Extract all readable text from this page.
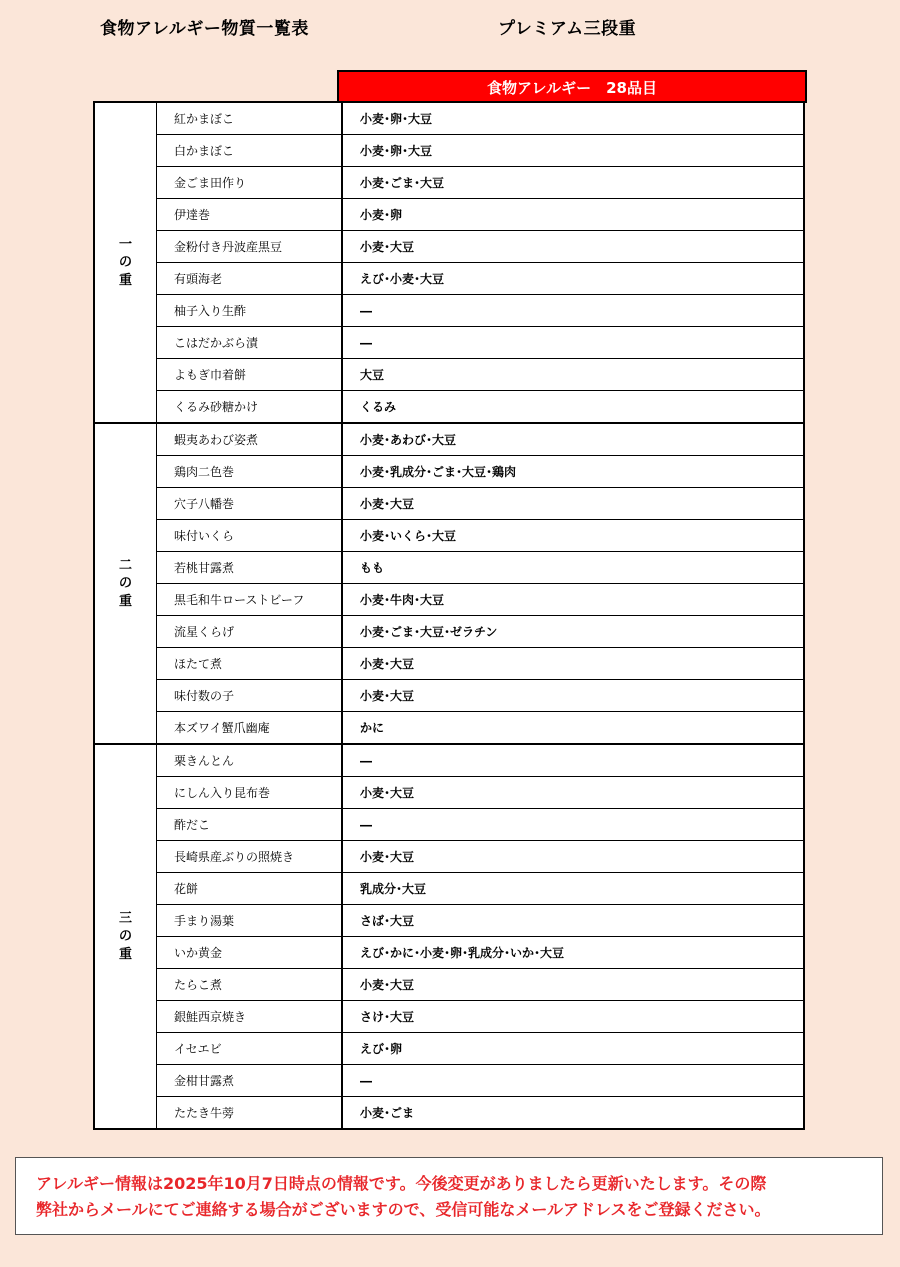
食物アレルギー物質一覧表	プレミアム三段重
食物アレルギー　28品目
一
の
重	紅かまぼこ	小麦･卵･大豆
	白かまぼこ	小麦･卵･大豆
	金ごま田作り	小麦･ごま･大豆
	伊達巻	小麦･卵
	金粉付き丹波産黒豆	小麦･大豆
	有頭海老	えび･小麦･大豆
	柚子入り生酢	―
	こはだかぶら漬	―
	よもぎ巾着餅	大豆
	くるみ砂糖かけ	くるみ

二
の
重	蝦夷あわび姿煮	小麦･あわび･大豆
	鶏肉二色巻	小麦･乳成分･ごま･大豆･鶏肉
	穴子八幡巻	小麦･大豆
	味付いくら	小麦･いくら･大豆
	若桃甘露煮	もも
	黒毛和牛ローストビーフ	小麦･牛肉･大豆
	流星くらげ	小麦･ごま･大豆･ゼラチン
	ほたて煮	小麦･大豆
	味付数の子	小麦･大豆
	本ズワイ蟹爪幽庵	かに

三
の
重	栗きんとん	―
	にしん入り昆布巻	小麦･大豆
	酢だこ	―
	長崎県産ぶりの照焼き	小麦･大豆
	花餅	乳成分･大豆
	手まり湯葉	さば･大豆
	いか黄金	えび･かに･小麦･卵･乳成分･いか･大豆
	たらこ煮	小麦･大豆
	銀鮭西京焼き	さけ･大豆
	イセエビ	えび･卵
	金柑甘露煮	―
	たたき牛蒡	小麦･ごま
アレルギー情報は2025年10月7日時点の情報です。今後変更がありましたら更新いたします。その際
弊社からメールにてご連絡する場合がございますので、受信可能なメールアドレスをご登録ください。
